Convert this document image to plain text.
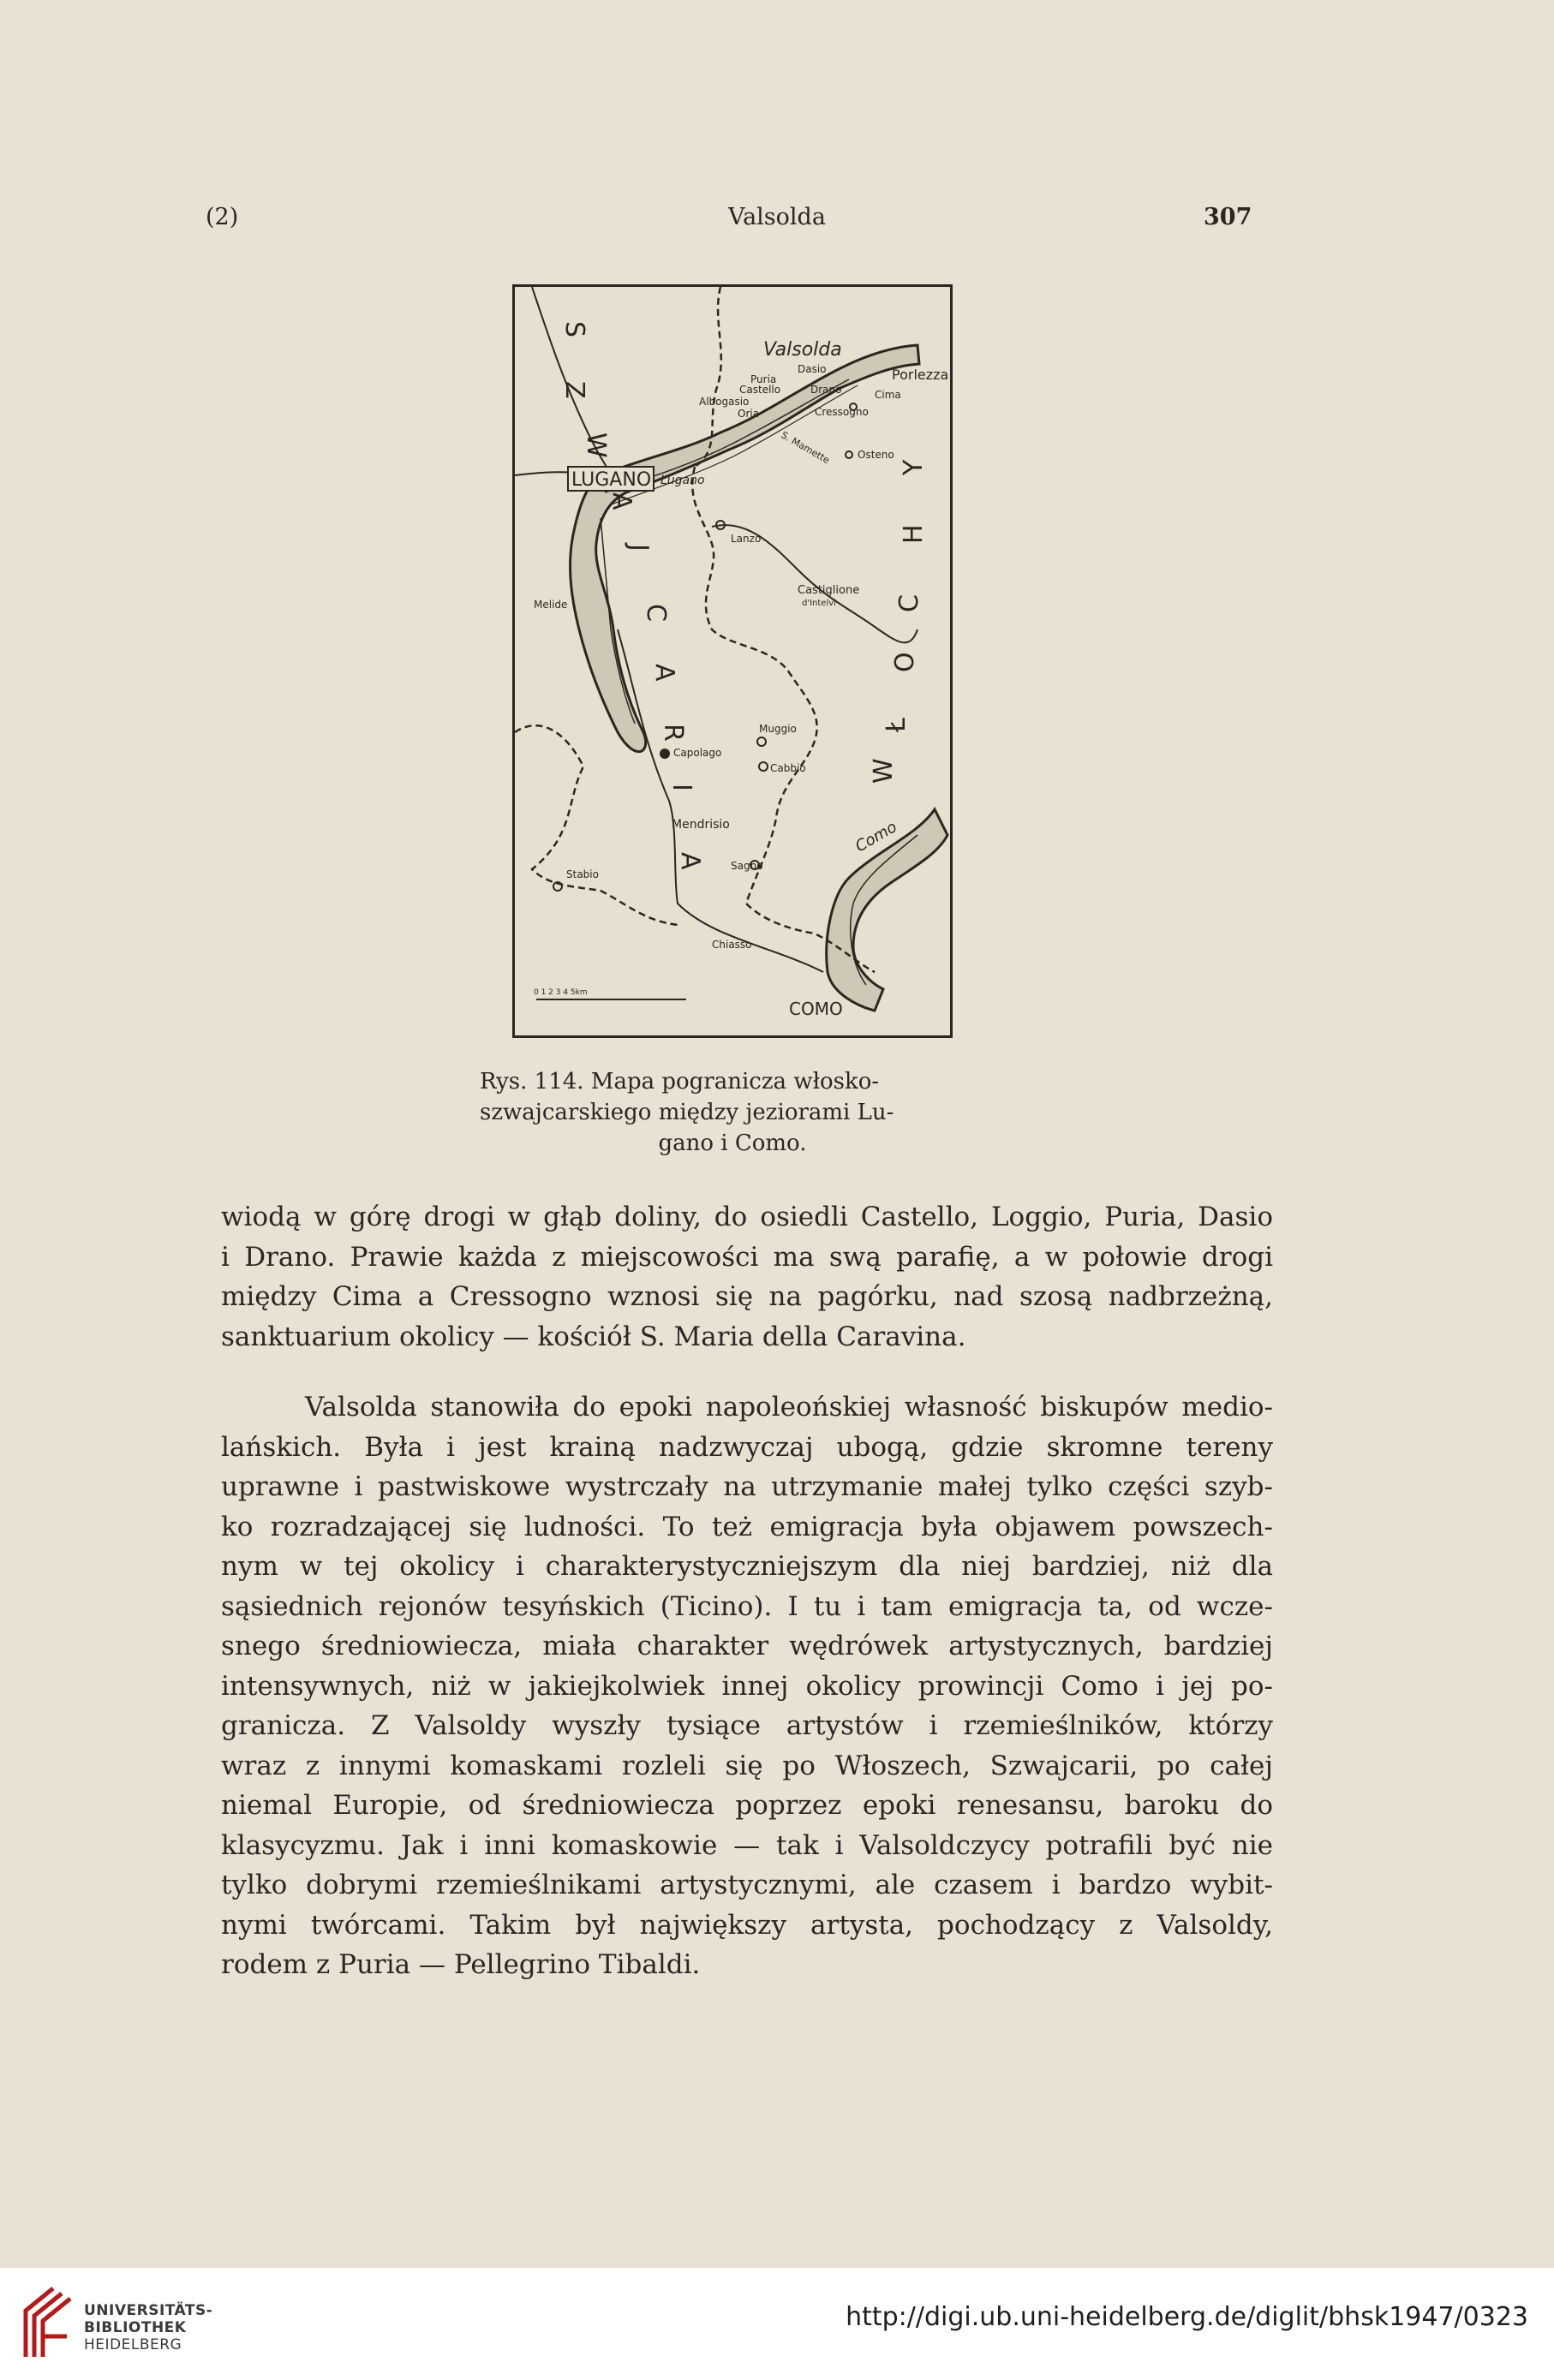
(2)	Valsolda	307
Valsolda
Dasio
Puria
Castello	Drano	Cima
Porlezza
Albogasio
Oria	Cressogno
S. Mamette	Osteno
LUGANO Lugano
Melide
Lanzo
Castiglione
d'Intelvi
Capolago
Muggio
Cabbio
Mendrisio
Sagno
Stabio
Chiasso
Como
COMO
0 1 2 3 4 5km
S
Z
W
A
J
C
A
R
I
A
Y
H
C
O
Ł
W
Rys. 114. Mapa pogranicza włosko-
szwajcarskiego między jeziorami Lu-
gano i Como.
wiodą w górę drogi w głąb doliny, do osiedli Castello, Loggio, Puria, Dasio
i Drano. Prawie każda z miejscowości ma swą parafię, a w połowie drogi
między Cima a Cressogno wznosi się na pagórku, nad szosą nadbrzeżną,
sanktuarium okolicy — kościół S. Maria della Caravina.
Valsolda stanowiła do epoki napoleońskiej własność biskupów medio-
lańskich. Była i jest krainą nadzwyczaj ubogą, gdzie skromne tereny
uprawne i pastwiskowe wystrczały na utrzymanie małej tylko części szyb-
ko rozradzającej się ludności. To też emigracja była objawem powszech-
nym w tej okolicy i charakterystyczniejszym dla niej bardziej, niż dla
sąsiednich rejonów tesyńskich (Ticino). I tu i tam emigracja ta, od wcze-
snego średniowiecza, miała charakter wędrówek artystycznych, bardziej
intensywnych, niż w jakiejkolwiek innej okolicy prowincji Como i jej po-
granicza. Z Valsoldy wyszły tysiące artystów i rzemieślników, którzy
wraz z innymi komaskami rozleli się po Włoszech, Szwajcarii, po całej
niemal Europie, od średniowiecza poprzez epoki renesansu, baroku do
klasycyzmu. Jak i inni komaskowie — tak i Valsoldczycy potrafili być nie
tylko dobrymi rzemieślnikami artystycznymi, ale czasem i bardzo wybit-
nymi twórcami. Takim był największy artysta, pochodzący z Valsoldy,
rodem z Puria — Pellegrino Tibaldi.
UNIVERSITÄTS-
BIBLIOTHEK
HEIDELBERG
http://digi.ub.uni-heidelberg.de/diglit/bhsk1947/0323
